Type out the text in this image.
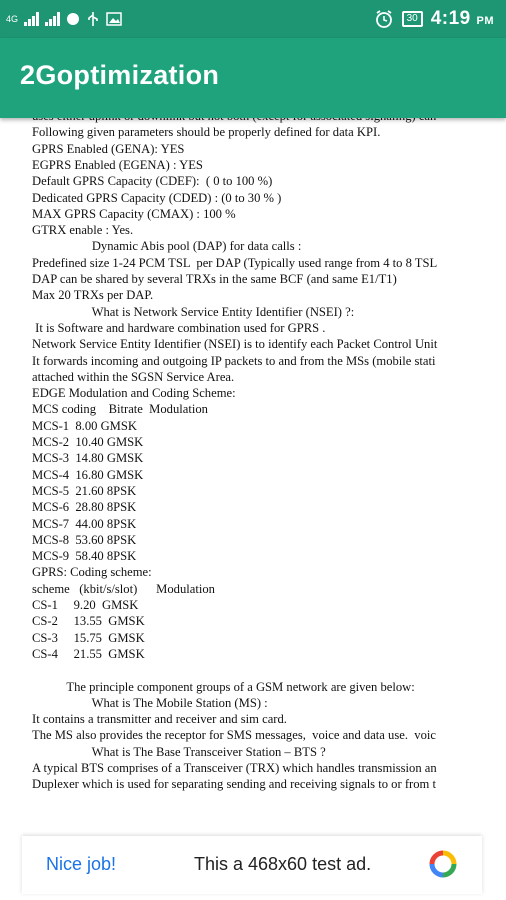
4G	30 4:19 PM
2Goptimization
Following given parameters should be properly defined for data KPI.
GPRS Enabled (GENA): YES
EGPRS Enabled (EGENA) : YES
Default GPRS Capacity (CDEF):  ( 0 to 100 %)
Dedicated GPRS Capacity (CDED) : (0 to 30 % )
MAX GPRS Capacity (CMAX) : 100 %
GTRX enable : Yes.
Dynamic Abis pool (DAP) for data calls :
Predefined size 1-24 PCM TSL  per DAP (Typically used range from 4 to 8 TSL
DAP can be shared by several TRXs in the same BCF (and same E1/T1)
Max 20 TRXs per DAP.
What is Network Service Entity Identifier (NSEI) ?:
It is Software and hardware combination used for GPRS .
Network Service Entity Identifier (NSEI) is to identify each Packet Control Unit
It forwards incoming and outgoing IP packets to and from the MSs (mobile stati
attached within the SGSN Service Area.
EDGE Modulation and Coding Scheme:
MCS coding    Bitrate  Modulation
MCS-1  8.00 GMSK
MCS-2  10.40 GMSK
MCS-3  14.80 GMSK
MCS-4  16.80 GMSK
MCS-5  21.60 8PSK
MCS-6  28.80 8PSK
MCS-7  44.00 8PSK
MCS-8  53.60 8PSK
MCS-9  58.40 8PSK
GPRS: Coding scheme:
scheme   (kbit/s/slot)      Modulation
CS-1     9.20  GMSK
CS-2     13.55  GMSK
CS-3     15.75  GMSK
CS-4     21.55  GMSK
The principle component groups of a GSM network are given below:
What is The Mobile Station (MS) :
It contains a transmitter and receiver and sim card.
The MS also provides the receptor for SMS messages,  voice and data use.  voic
What is The Base Transceiver Station – BTS ?
A typical BTS comprises of a Transceiver (TRX) which handles transmission an
Duplexer which is used for separating sending and receiving signals to or from t
Nice job!	This a 468x60 test ad.
